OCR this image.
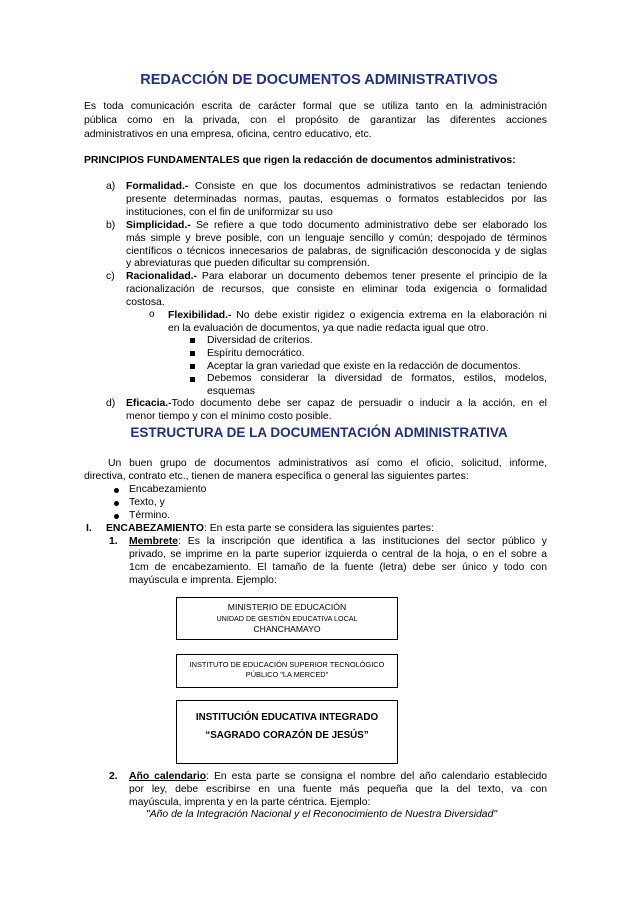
REDACCIÓN DE DOCUMENTOS ADMINISTRATIVOS
Es toda comunicación escrita de carácter formal que se utiliza tanto en la administración
pública como en la privada, con el propósito de garantizar las diferentes acciones
administrativos en una empresa, oficina, centro educativo, etc.
PRINCIPIOS FUNDAMENTALES que rigen la redacción de documentos administrativos:
a) Formalidad.- Consiste en que los documentos administrativos se redactan teniendo
presente determinadas normas, pautas, esquemas o formatos establecidos por las
instituciones, con el fin de uniformizar su uso
b) Simplicidad.- Se refiere a que todo documento administrativo debe ser elaborado los
más simple y breve posible, con un lenguaje sencillo y común; despojado de términos
científicos o técnicos innecesarios de palabras, de significación desconocida y de siglas
y abreviaturas que pueden dificultar su comprensión.
c) Racionalidad.- Para elaborar un documento debemos tener presente el principio de la
racionalización de recursos, que consiste en eliminar toda exigencia o formalidad
costosa.
o Flexibilidad.- No debe existir rigidez o exigencia extrema en la elaboración ni
en la evaluación de documentos, ya que nadie redacta igual que otro.
Diversidad de criterios.
Espíritu democrático.
Aceptar la gran variedad que existe en la redacción de documentos.
Debemos considerar la diversidad de formatos, estilos, modelos,
esquemas
d) Eficacia.-Todo documento debe ser capaz de persuadir o inducir a la acción, en el
menor tiempo y con el mínimo costo posible.
ESTRUCTURA DE LA DOCUMENTACIÓN ADMINISTRATIVA
Un buen grupo de documentos administrativos así como el oficio, solicitud, informe,
directiva, contrato etc., tienen de manera específica o general las siguientes partes:
Encabezamiento
Texto, y
Término.
I. ENCABEZAMIENTO: En esta parte se considera las siguientes partes:
1. Membrete: Es la inscripción que identifica a las instituciones del sector público y
privado, se imprime en la parte superior izquierda o central de la hoja, o en el sobre a
1cm de encabezamiento. El tamaño de la fuente (letra) debe ser único y todo con
mayúscula e imprenta. Ejemplo:
MINISTERIO DE EDUCACIÓN
UNIDAD DE GESTIÓN EDUCATIVA LOCAL
CHANCHAMAYO
INSTITUTO DE EDUCACIÓN SUPERIOR TECNOLÓGICO
PÚBLICO "LA MERCED"
INSTITUCIÓN EDUCATIVA INTEGRADO
“SAGRADO CORAZÓN DE JESÚS”
2. Año calendario: En esta parte se consigna el nombre del año calendario establecido
por ley, debe escribirse en una fuente más pequeña que la del texto, va con
mayúscula, imprenta y en la parte céntrica. Ejemplo:
"Año de la Integración Nacional y el Reconocimiento de Nuestra Diversidad"
